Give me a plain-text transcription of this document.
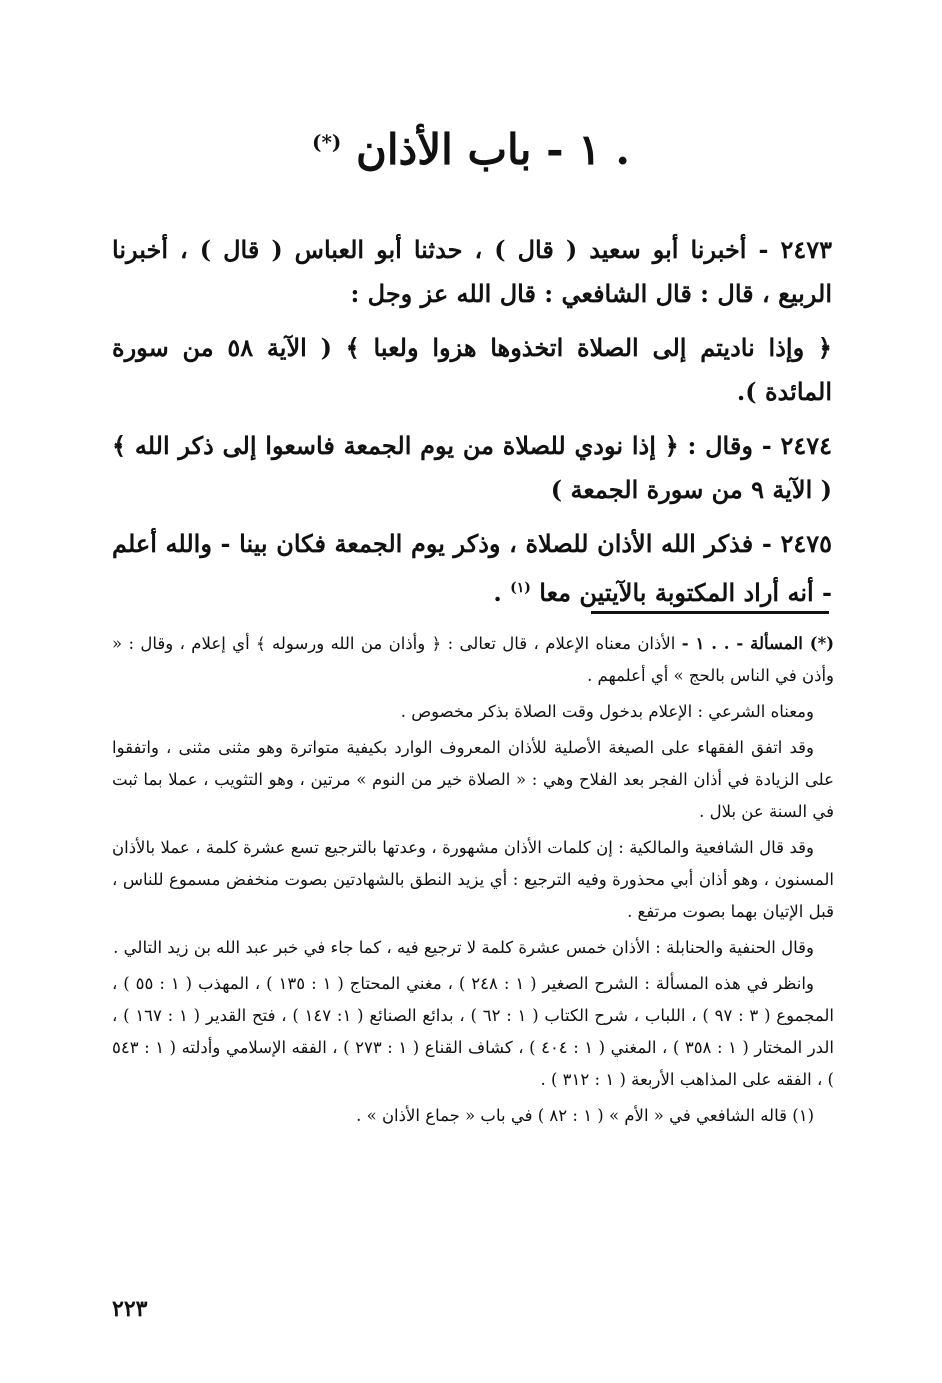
. ١ - باب الأذان (*)

٢٤٧٣ - أخبرنا أبو سعيد ( قال ) ، حدثنا أبو العباس ( قال ) ، أخبرنا الربيع ، قال : قال الشافعي : قال الله عز وجل :

﴿ وإذا ناديتم إلى الصلاة اتخذوها هزوا ولعبا ﴾ ( الآية ٥٨ من سورة المائدة ).

٢٤٧٤ - وقال : ﴿ إذا نودي للصلاة من يوم الجمعة فاسعوا إلى ذكر الله ﴾ ( الآية ٩ من سورة الجمعة )

٢٤٧٥ - فذكر الله الأذان للصلاة ، وذكر يوم الجمعة فكان بينا - والله أعلم - أنه أراد المكتوبة بالآيتين معا $^{(١)}$ .

(*) المسألة - . . ١ - الأذان معناه الإعلام ، قال تعالى : ﴿ وأذان من الله ورسوله ﴾ أي إعلام ، وقال : « وأذن في الناس بالحج » أي أعلمهم .

ومعناه الشرعي : الإعلام بدخول وقت الصلاة بذكر مخصوص .

وقد اتفق الفقهاء على الصيغة الأصلية للأذان المعروف الوارد بكيفية متواترة وهو مثنى مثنى ، واتفقوا على الزيادة في أذان الفجر بعد الفلاح وهي : « الصلاة خير من النوم » مرتين ، وهو التثويب ، عملا بما ثبت في السنة عن بلال .

وقد قال الشافعية والمالكية : إن كلمات الأذان مشهورة ، وعدتها بالترجيع تسع عشرة كلمة ، عملا بالأذان المسنون ، وهو أذان أبي محذورة وفيه الترجيع : أي يزيد النطق بالشهادتين بصوت منخفض مسموع للناس ، قبل الإتيان بهما بصوت مرتفع .

وقال الحنفية والحنابلة : الأذان خمس عشرة كلمة لا ترجيع فيه ، كما جاء في خبر عبد الله بن زيد التالي .

وانظر في هذه المسألة : الشرح الصغير ( ١ : ٢٤٨ ) ، مغني المحتاج ( ١ : ١٣٥ ) ، المهذب ( ١ : ٥٥ ) ، المجموع ( ٣ : ٩٧ ) ، اللباب ، شرح الكتاب ( ١ : ٦٢ ) ، بدائع الصنائع ( ١: ١٤٧ ) ، فتح القدير ( ١ : ١٦٧ ) ، الدر المختار ( ١ : ٣٥٨ ) ، المغني ( ١ : ٤٠٤ ) ، كشاف القناع ( ١ : ٢٧٣ ) ، الفقه الإسلامي وأدلته ( ١ : ٥٤٣ ) ، الفقه على المذاهب الأربعة ( ١ : ٣١٢ ) .

(١) قاله الشافعي في « الأم » ( ١ : ٨٢ ) في باب « جماع الأذان » .

٢٢٣
